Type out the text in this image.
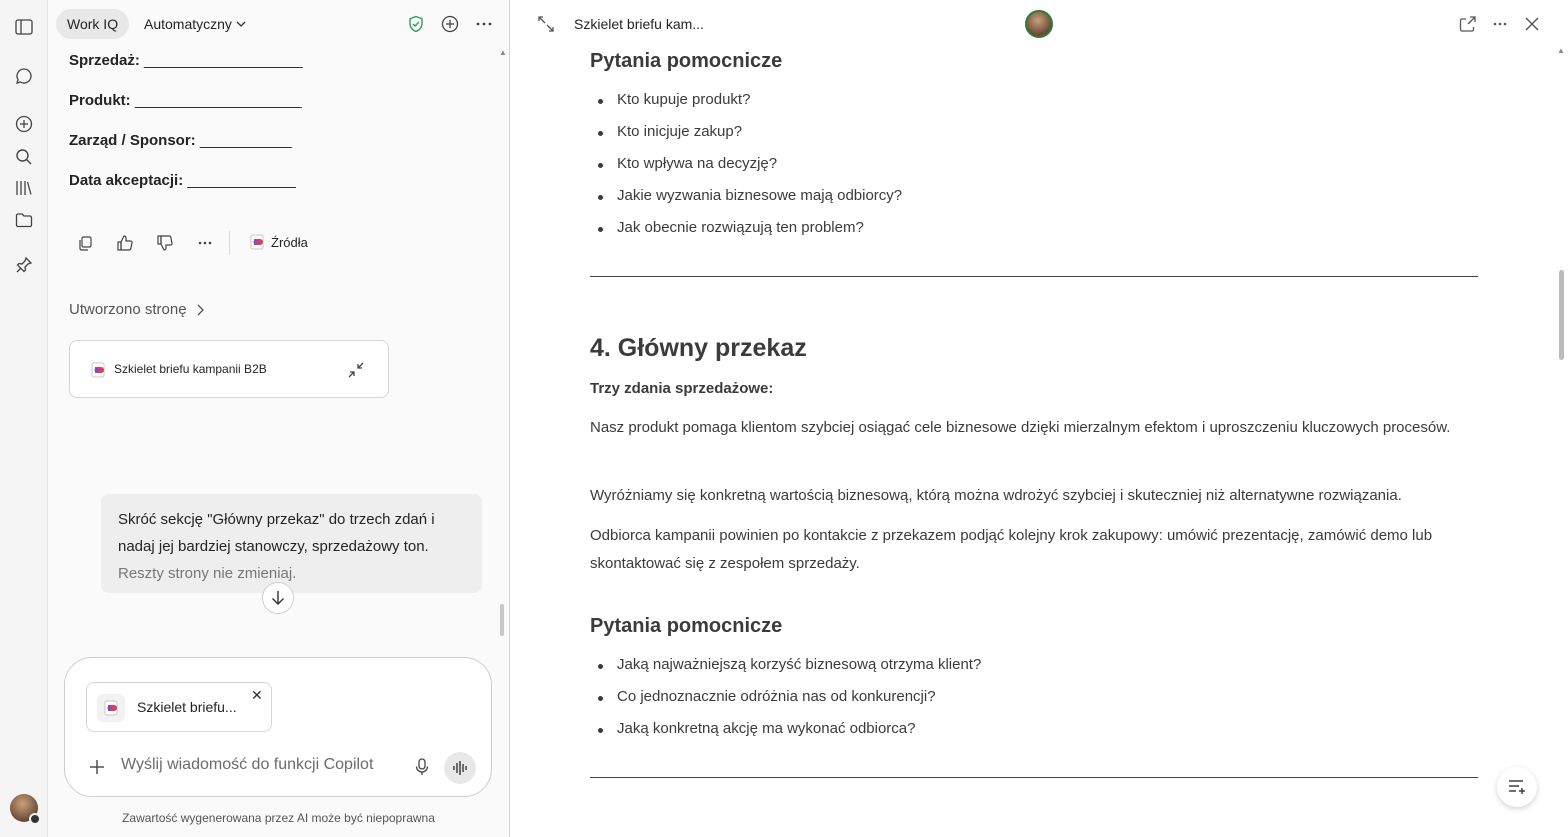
Work IQ	Automatyczny
▲
Sprzedaż: ___________________
Produkt: ____________________
Zarząd / Sponsor: ___________
Data akceptacji: _____________
Źródła
Utworzono stronę
Szkielet briefu kampanii B2B
Skróć sekcję "Główny przekaz" do trzech zdań i
nadaj jej bardziej stanowczy, sprzedażowy ton.
Reszty strony nie zmieniaj.
Szkielet briefu...
✕
Wyślij wiadomość do funkcji Copilot
Zawartość wygenerowana przez AI może być niepoprawna
Szkielet briefu kam...
▲
Pytania pomocnicze
Kto kupuje produkt?
Kto inicjuje zakup?
Kto wpływa na decyzję?
Jakie wyzwania biznesowe mają odbiorcy?
Jak obecnie rozwiązują ten problem?
4. Główny przekaz
Trzy zdania sprzedażowe:
Nasz produkt pomaga klientom szybciej osiągać cele biznesowe dzięki mierzalnym efektom i uproszczeniu kluczowych procesów.
Wyróżniamy się konkretną wartością biznesową, którą można wdrożyć szybciej i skuteczniej niż alternatywne rozwiązania.
Odbiorca kampanii powinien po kontakcie z przekazem podjąć kolejny krok zakupowy: umówić prezentację, zamówić demo lub skontaktować się z zespołem sprzedaży.
Pytania pomocnicze
Jaką najważniejszą korzyść biznesową otrzyma klient?
Co jednoznacznie odróżnia nas od konkurencji?
Jaką konkretną akcję ma wykonać odbiorca?
